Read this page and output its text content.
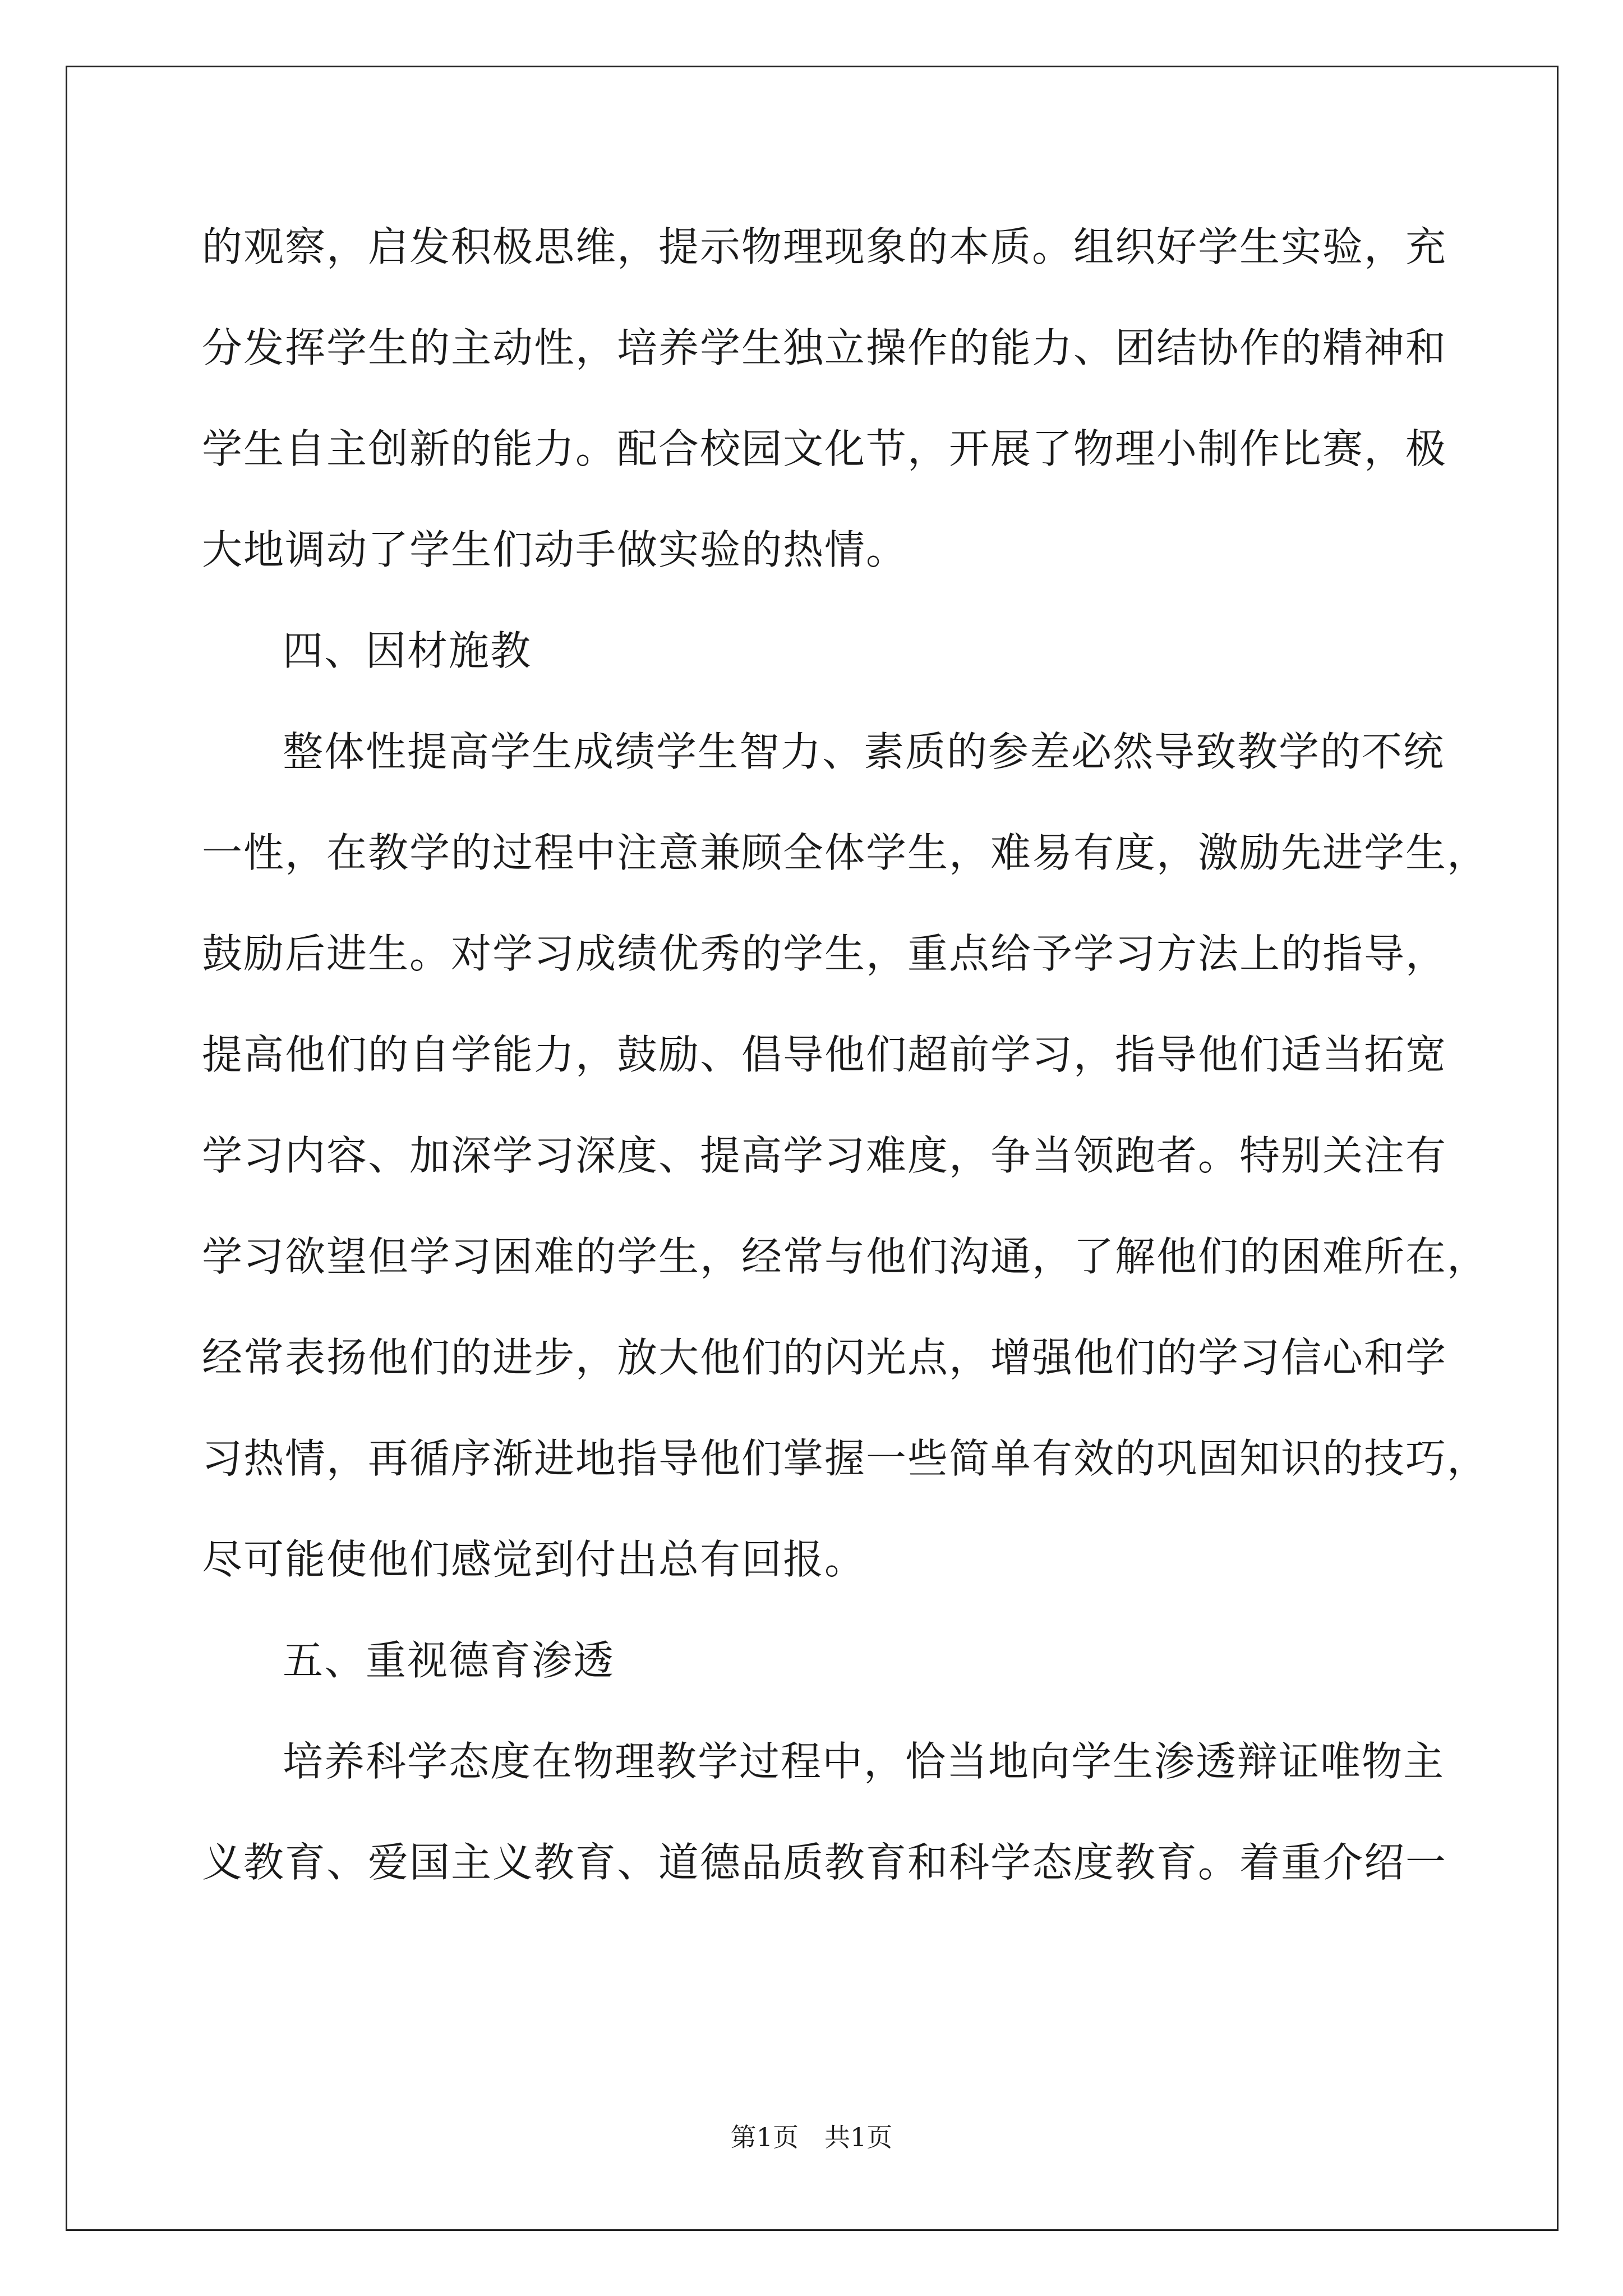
的观察，启发积极思维，提示物理现象的本质。组织好学生实验，充
分发挥学生的主动性，培养学生独立操作的能力、团结协作的精神和
学生自主创新的能力。配合校园文化节，开展了物理小制作比赛，极
大地调动了学生们动手做实验的热情。
四、因材施教
整体性提高学生成绩学生智力、素质的参差必然导致教学的不统
一性，在教学的过程中注意兼顾全体学生，难易有度，激励先进学生，
鼓励后进生。对学习成绩优秀的学生，重点给予学习方法上的指导，
提高他们的自学能力，鼓励、倡导他们超前学习，指导他们适当拓宽
学习内容、加深学习深度、提高学习难度，争当领跑者。特别关注有
学习欲望但学习困难的学生，经常与他们沟通，了解他们的困难所在，
经常表扬他们的进步，放大他们的闪光点，增强他们的学习信心和学
习热情，再循序渐进地指导他们掌握一些简单有效的巩固知识的技巧，
尽可能使他们感觉到付出总有回报。
五、重视德育渗透
培养科学态度在物理教学过程中，恰当地向学生渗透辩证唯物主
义教育、爱国主义教育、道德品质教育和科学态度教育。着重介绍一
第1页　共1页
